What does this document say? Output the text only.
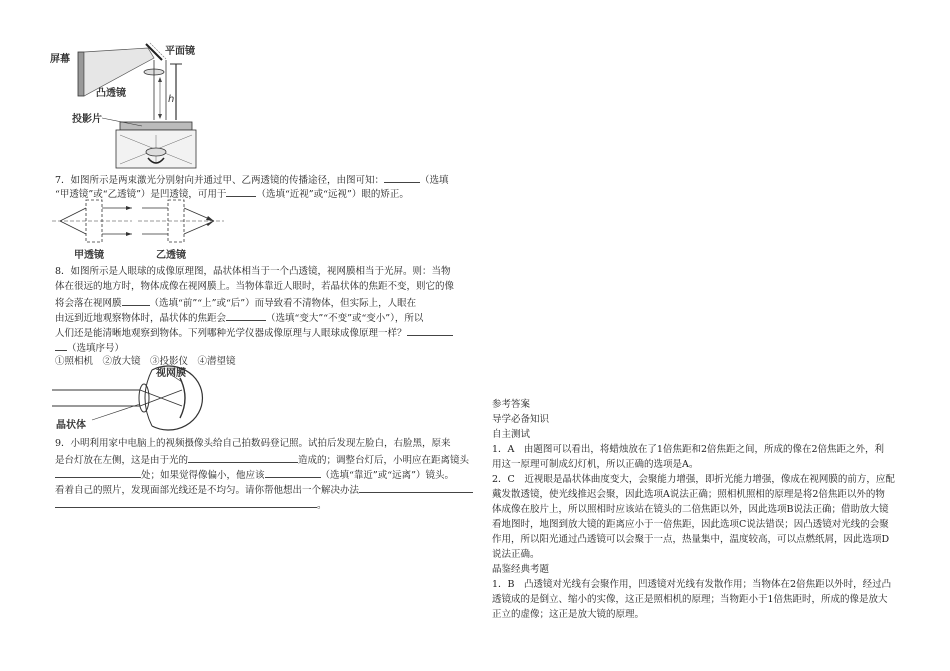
屏幕
平面镜
凸透镜
投影片
h
7．如图所示是两束激光分别射向并通过甲、乙两透镜的传播途径，由图可知：	（选填
“甲透镜”或“乙透镜”）是凹透镜，可用于	（选填“近视”或“远视”）眼的矫正。
甲透镜	乙透镜
8．如图所示是人眼球的成像原理图，晶状体相当于一个凸透镜，视网膜相当于光屏。则：当物
体在很远的地方时，物体成像在视网膜上。当物体靠近人眼时，若晶状体的焦距不变，则它的像
将会落在视网膜	（选填“前”“上”或“后”）而导致看不清物体，但实际上，人眼在
由远到近地观察物体时，晶状体的焦距会	（选填“变大”“不变”或“变小”），所以
人们还是能清晰地观察到物体。下列哪种光学仪器成像原理与人眼球成像原理一样？
（选填序号）
①照相机　②放大镜　③投影仪　④潜望镜
视网膜
晶状体
9．小明利用家中电脑上的视频摄像头给自己拍数码登记照。试拍后发现左脸白，右脸黑，原来
是台灯放在左侧，这是由于光的	造成的；调整台灯后，小明应在距离镜头
处；如果觉得像偏小，他应该	（选填“靠近”或“远离”）镜头。
看着自己的照片，发现面部光线还是不均匀。请你帮他想出一个解决办法
。
参考答案
导学必备知识
自主测试
1．A　由题图可以看出，将蜡烛放在了1倍焦距和2倍焦距之间，所成的像在2倍焦距之外，利
用这一原理可制成幻灯机，所以正确的选项是A。
2．C　近视眼是晶状体曲度变大，会聚能力增强，即折光能力增强，像成在视网膜的前方，应配
戴发散透镜，使光线推迟会聚，因此选项A说法正确；照相机照相的原理是将2倍焦距以外的物
体成像在胶片上，所以照相时应该站在镜头的二倍焦距以外，因此选项B说法正确；借助放大镜
看地图时，地图到放大镜的距离应小于一倍焦距，因此选项C说法错误；因凸透镜对光线的会聚
作用，所以阳光通过凸透镜可以会聚于一点，热量集中，温度较高，可以点燃纸屑，因此选项D
说法正确。
晶鉴经典考题
1．B　凸透镜对光线有会聚作用，凹透镜对光线有发散作用；当物体在2倍焦距以外时，经过凸
透镜成的是倒立、缩小的实像，这正是照相机的原理；当物距小于1倍焦距时，所成的像是放大
正立的虚像；这正是放大镜的原理。
